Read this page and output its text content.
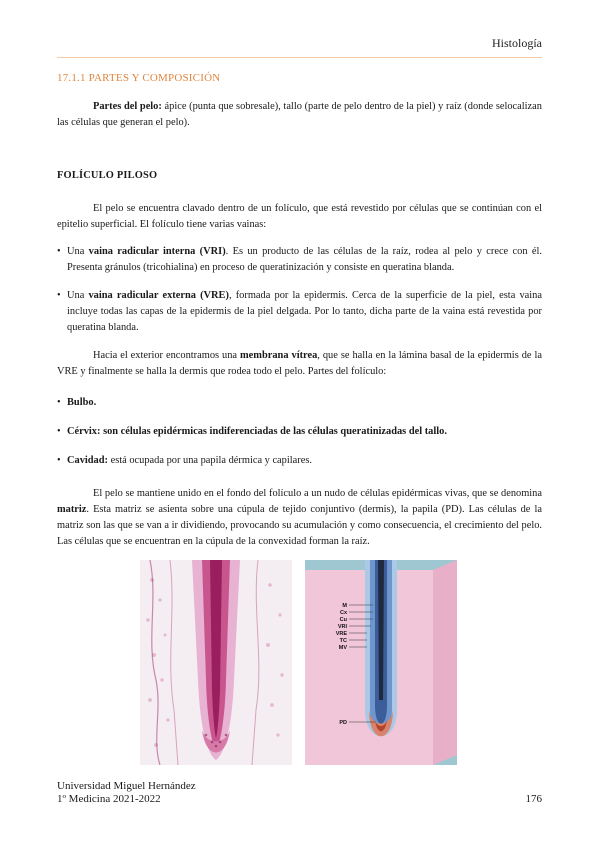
Histología
17.1.1 PARTES Y COMPOSICIÓN
Partes del pelo: ápice (punta que sobresale), tallo (parte de pelo dentro de la piel) y raíz (donde selocalizan las células que generan el pelo).
FOLÍCULO PILOSO
El pelo se encuentra clavado dentro de un folículo, que está revestido por células que se continúan con el epitelio superficial. El folículo tiene varias vainas:
• Una vaina radicular interna (VRI). Es un producto de las células de la raíz, rodea al pelo y crece con él. Presenta gránulos (tricohialina) en proceso de queratinización y consiste en queratina blanda.
• Una vaina radicular externa (VRE), formada por la epidermis. Cerca de la superficie de la piel, esta vaina incluye todas las capas de la epidermis de la piel delgada. Por lo tanto, dicha parte de la vaina está revestida por queratina blanda.
Hacia el exterior encontramos una membrana vítrea, que se halla en la lámina basal de la epidermis de la VRE y finalmente se halla la dermis que rodea todo el pelo. Partes del folículo:
• Bulbo.
• Cérvix: son células epidérmicas indiferenciadas de las células queratinizadas del tallo.
• Cavidad: está ocupada por una papila dérmica y capilares.
El pelo se mantiene unido en el fondo del folículo a un nudo de células epidérmicas vivas, que se denomina matriz. Esta matriz se asienta sobre una cúpula de tejido conjuntivo (dermis), la papila (PD). Las células de la matriz son las que se van a ir dividiendo, provocando su acumulación y como consecuencia, el crecimiento del pelo. Las células que se encuentran en la cúpula de la convexidad forman la raíz.
M
Cx
Cu
VRI
VRE
TC
MV
PD
Universidad Miguel Hernández
1º Medicina 2021-2022	176
